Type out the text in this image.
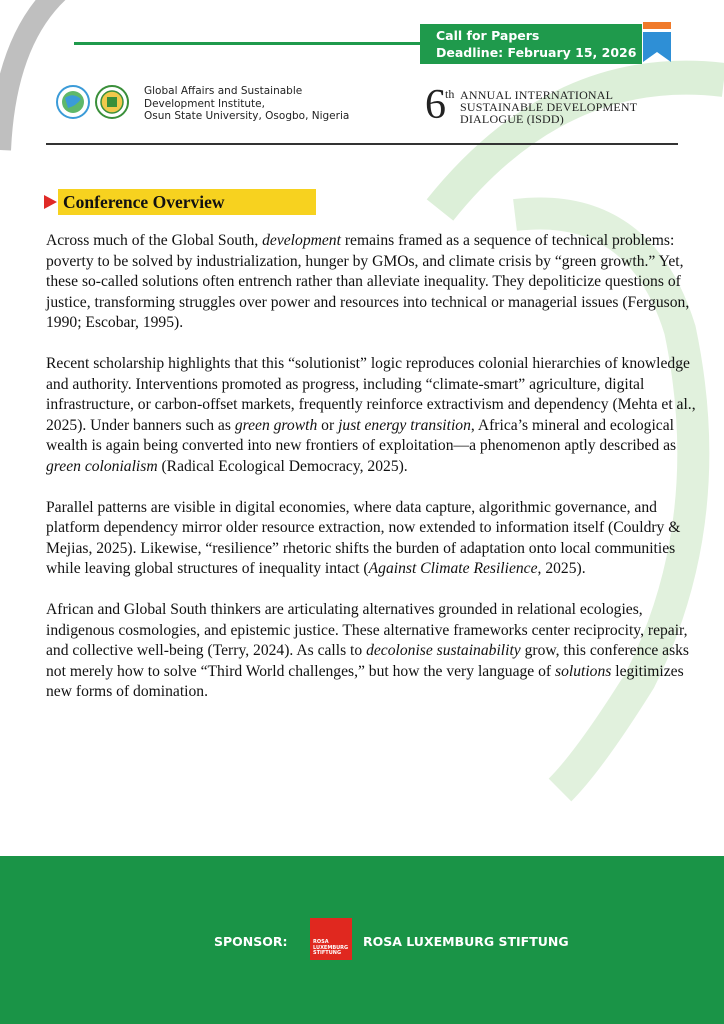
Call for Papers
Deadline: February 15, 2026
Global Affairs and Sustainable
Development Institute,
Osun State University, Osogbo, Nigeria 6 th ANNUAL INTERNATIONAL
SUSTAINABLE DEVELOPMENT
DIALOGUE (ISDD)
Conference Overview

Across much of the Global South, development remains framed as a sequence of technical problems: poverty to be solved by industrialization, hunger by GMOs, and climate crisis by “green growth.” Yet, these so-called solutions often entrench rather than alleviate inequality. They depoliticize questions of justice, transforming struggles over power and resources into technical or managerial issues (Ferguson, 1990; Escobar, 1995).

Recent scholarship highlights that this “solutionist” logic reproduces colonial hierarchies of knowledge and authority. Interventions promoted as progress, including “climate-smart” agriculture, digital infrastructure, or carbon-offset markets, frequently reinforce extractivism and dependency (Mehta et al., 2025). Under banners such as green growth or just energy transition, Africa’s mineral and ecological wealth is again being converted into new frontiers of exploitation—a phenomenon aptly described as green colonialism (Radical Ecological Democracy, 2025).

Parallel patterns are visible in digital economies, where data capture, algorithmic governance, and platform dependency mirror older resource extraction, now extended to information itself (Couldry & Mejias, 2025). Likewise, “resilience” rhetoric shifts the burden of adaptation onto local communities while leaving global structures of inequality intact (Against Climate Resilience, 2025).

African and Global South thinkers are articulating alternatives grounded in relational ecologies, indigenous cosmologies, and epistemic justice. These alternative frameworks center reciprocity, repair, and collective well-being (Terry, 2024). As calls to decolonise sustainability grow, this conference asks not merely how to solve “Third World challenges,” but how the very language of solutions legitimizes new forms of domination.

SPONSOR:	ROSA
LUXEMBURG
STIFTUNG
ROSA LUXEMBURG STIFTUNG
